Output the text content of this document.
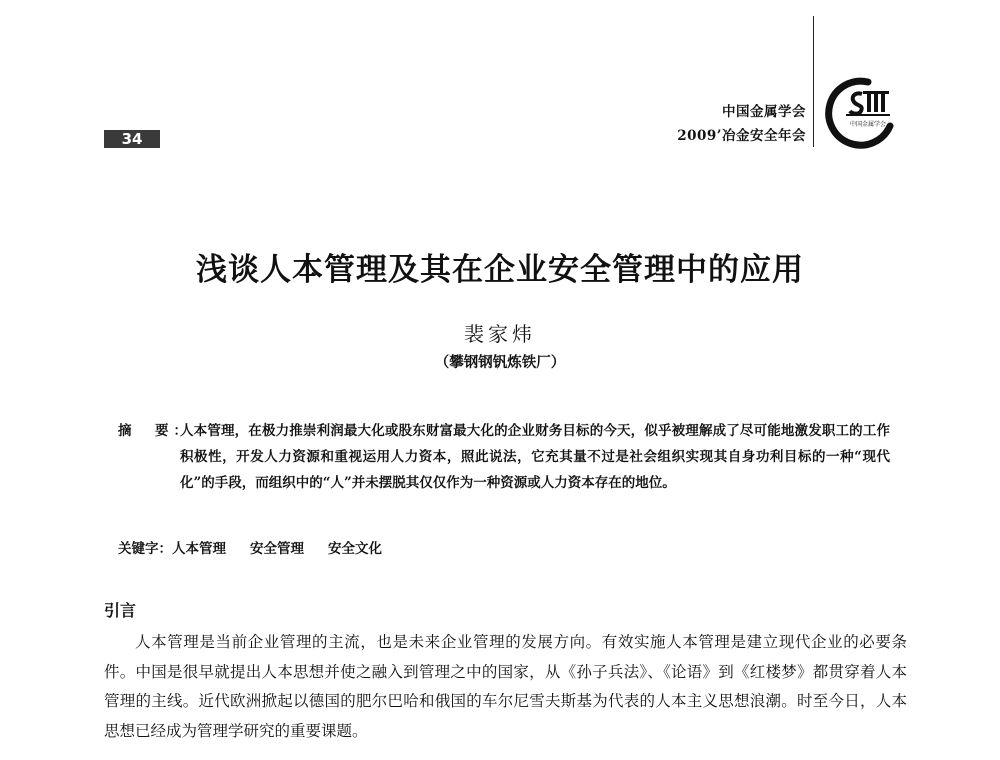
34
中国金属学会
2009’冶金安全年会
中国金属学会
浅谈人本管理及其在企业安全管理中的应用
裴家炜
（攀钢钢钒炼铁厂）
摘　要：
人本管理，在极力推崇利润最大化或股东财富最大化的企业财务目标的今天，似乎被理解成了尽可能地激发职工的工作积极性，开发人力资源和重视运用人力资本，照此说法，它充其量不过是社会组织实现其自身功利目标的一种“现代化”的手段，而组织中的“人”并未摆脱其仅仅作为一种资源或人力资本存在的地位。
关键字：人本管理 安全管理 安全文化
引言

人本管理是当前企业管理的主流，也是未来企业管理的发展方向。有效实施人本管理是建立现代企业的必要条件。中国是很早就提出人本思想并使之融入到管理之中的国家，从《孙子兵法》、《论语》到《红楼梦》都贯穿着人本管理的主线。近代欧洲掀起以德国的肥尔巴哈和俄国的车尔尼雪夫斯基为代表的人本主义思想浪潮。时至今日，人本思想已经成为管理学研究的重要课题。
